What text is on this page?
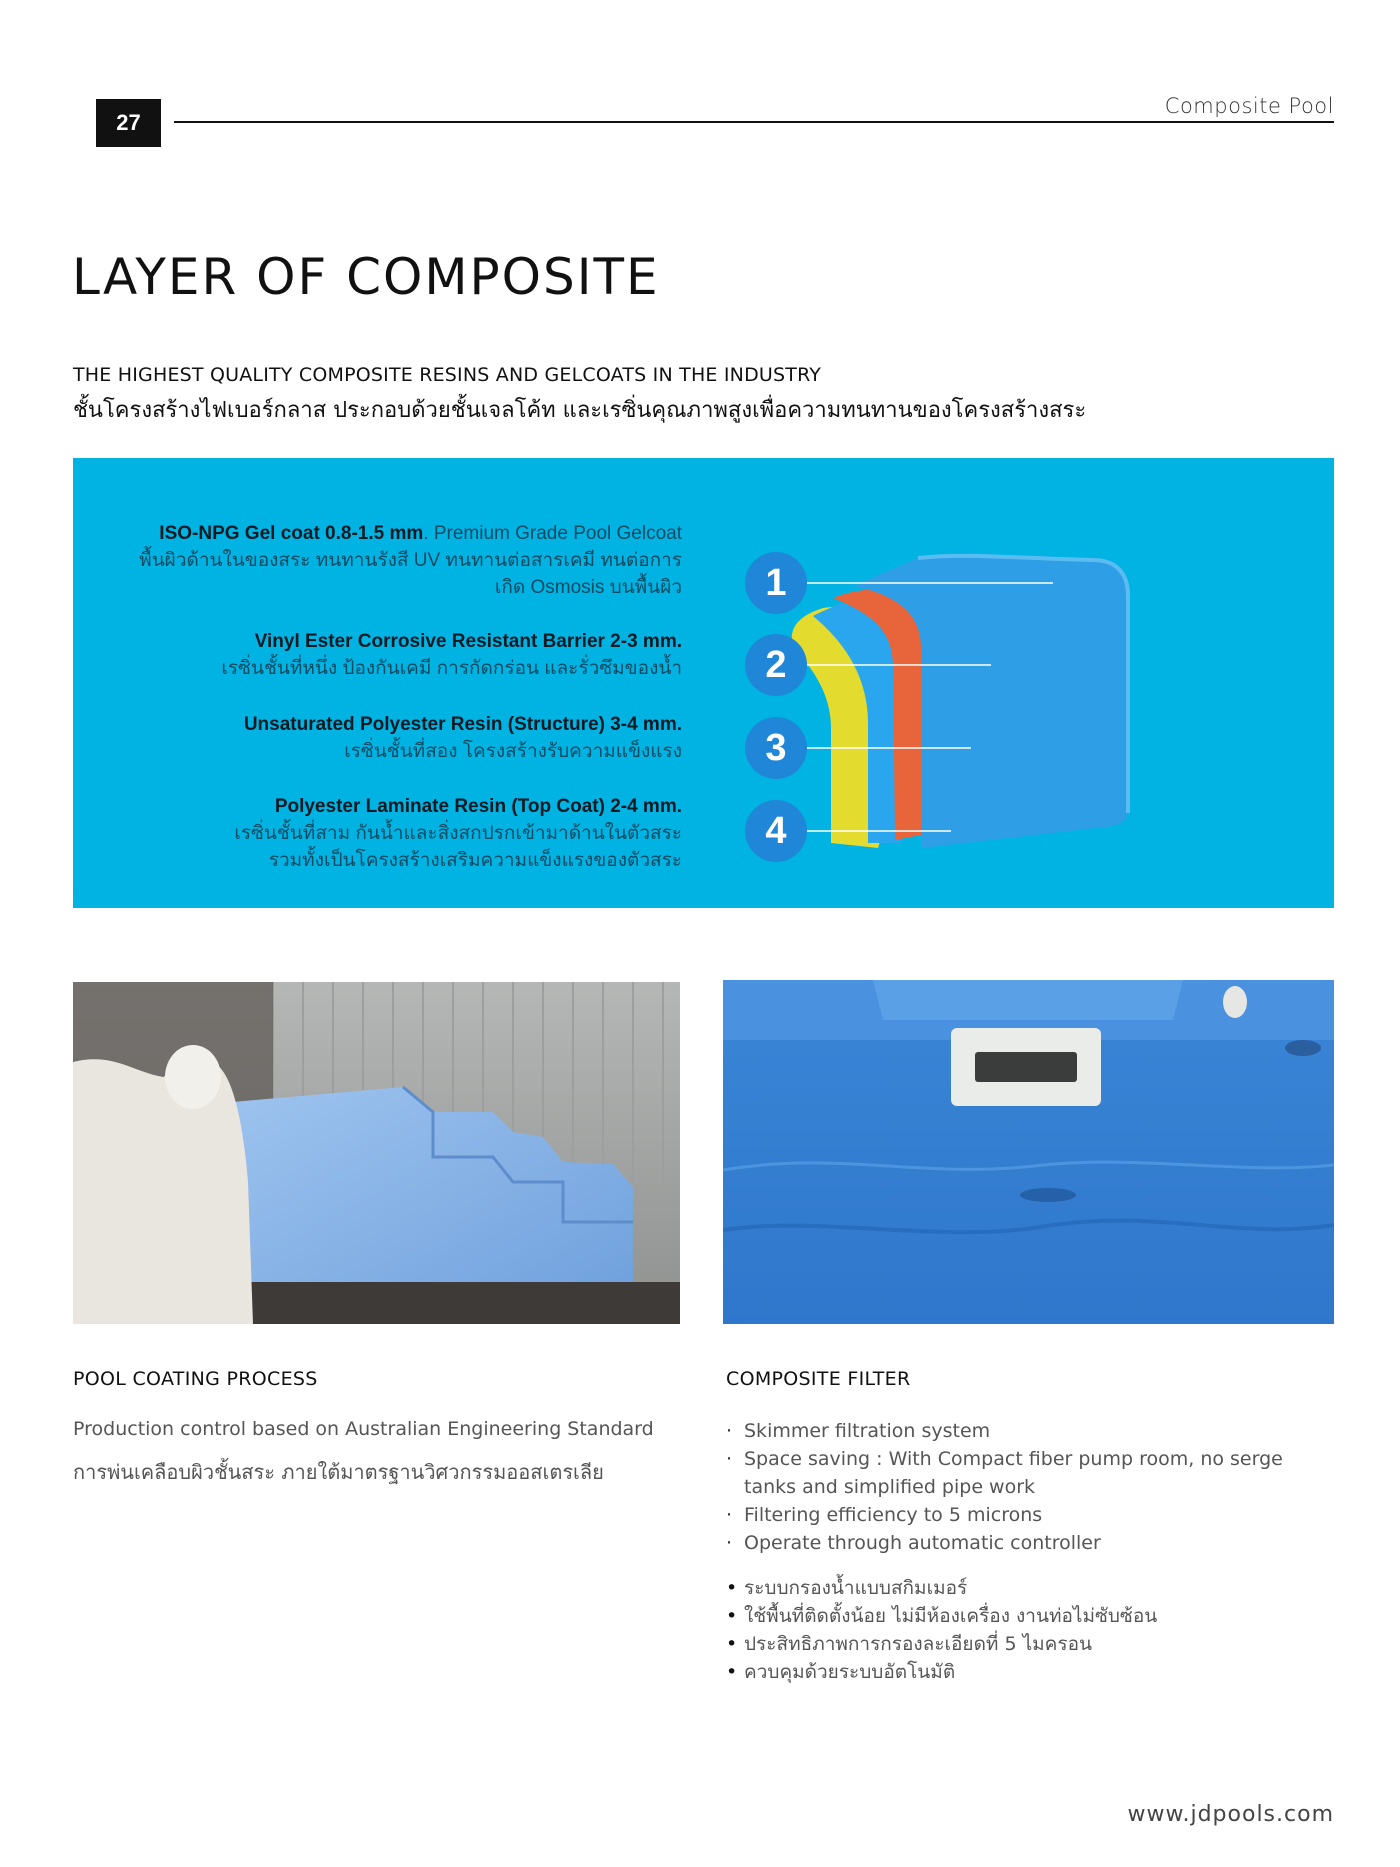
27
Composite Pool
LAYER OF COMPOSITE
THE HIGHEST QUALITY COMPOSITE RESINS AND GELCOATS IN THE INDUSTRY
ชั้นโครงสร้างไฟเบอร์กลาส ประกอบด้วยชั้นเจลโค้ท และเรซิ่นคุณภาพสูงเพื่อความทนทานของโครงสร้างสระ
ISO-NPG Gel coat 0.8-1.5 mm. Premium Grade Pool Gelcoat
พื้นผิวด้านในของสระ ทนทานรังสี UV ทนทานต่อสารเคมี ทนต่อการ
เกิด Osmosis บนพื้นผิว
Vinyl Ester Corrosive Resistant Barrier 2-3 mm.
เรซิ่นชั้นที่หนึ่ง ป้องกันเคมี การกัดกร่อน และรั่วซึมของน้ำ
Unsaturated Polyester Resin (Structure) 3-4 mm.
เรซิ่นชั้นที่สอง โครงสร้างรับความแข็งแรง
Polyester Laminate Resin (Top Coat) 2-4 mm.
เรซิ่นชั้นที่สาม กันน้ำและสิ่งสกปรกเข้ามาด้านในตัวสระ
รวมทั้งเป็นโครงสร้างเสริมความแข็งแรงของตัวสระ
1
2
3
4
POOL COATING PROCESS
Production control based on Australian Engineering Standard
การพ่นเคลือบผิวชั้นสระ ภายใต้มาตรฐานวิศวกรรมออสเตรเลีย
COMPOSITE FILTER
· Skimmer filtration system
· Space saving : With Compact fiber pump room, no serge tanks and simplified pipe work
· Filtering efficiency to 5 microns
· Operate through automatic controller
• ระบบกรองน้ำแบบสกิมเมอร์
• ใช้พื้นที่ติดตั้งน้อย ไม่มีห้องเครื่อง งานท่อไม่ซับซ้อน
• ประสิทธิภาพการกรองละเอียดที่ 5 ไมครอน
• ควบคุมด้วยระบบอัตโนมัติ
www.jdpools.com
